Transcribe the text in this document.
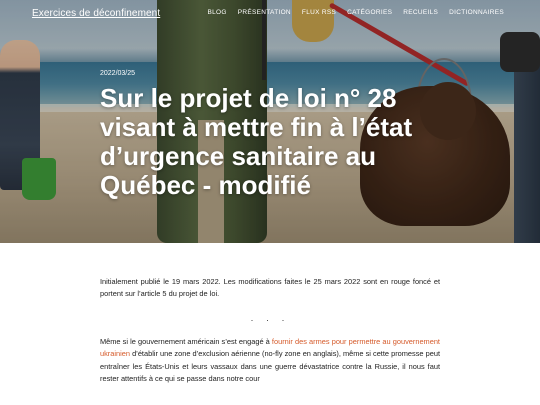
Exercices de déconfinement	BLOG PRÉSENTATION FLUX RSS CATÉGORIES RECUEILS DICTIONNAIRES
2022/03/25
Sur le projet de loi n° 28 visant à mettre fin à l’état d’urgence sanitaire au Québec - modifié

Initialement publié le 19 mars 2022. Les modifications faites le 25 mars 2022 sont en rouge foncé et portent sur l’article 5 du projet de loi.

· · ·

Même si le gouvernement américain s’est engagé à fournir des armes pour permettre au gouvernement ukrainien d’établir une zone d’exclusion aérienne (no-fly zone en anglais), même si cette promesse peut entraîner les États-Unis et leurs vassaux dans une guerre dévastatrice contre la Russie, il nous faut rester attentifs à ce qui se passe dans notre cour
